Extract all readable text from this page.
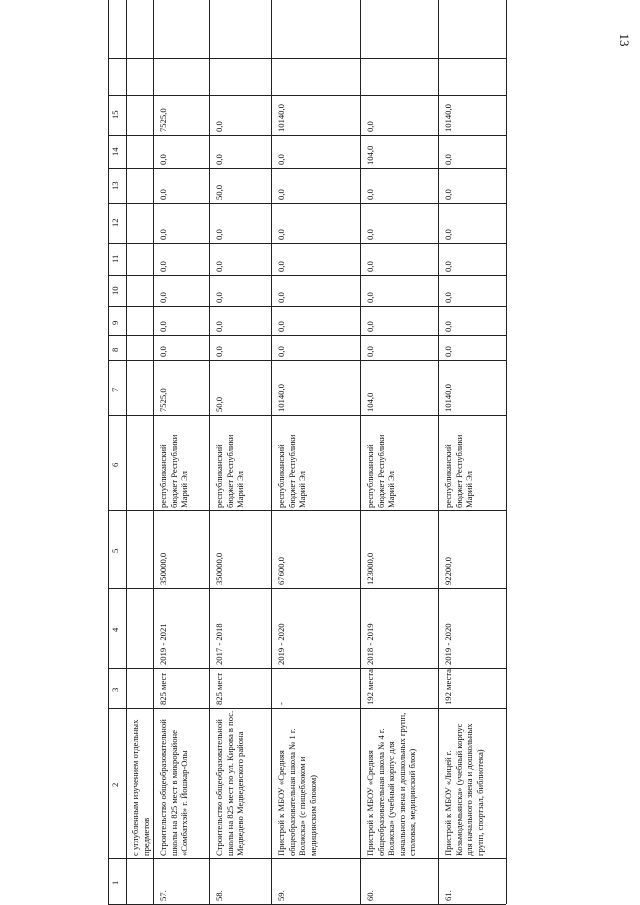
13
1
2
3
4
5
6
7
8
9
10
11
12
13
14
15
с углубленным изучением отдельных предметов
57.
Строительство общеобразовательной школы на 825 мест в микрорайоне «Сомбатхэй» г. Йошкар-Олы
825 мест
2019 - 2021
350000,0
республиканский бюджет Республики Марий Эл
7525,0
0,0
0,0
0,0
0,0
0,0
0,0
0,0
7525,0
58.
Строительство общеобразовательной школы на 825 мест по ул. Кирова в пос. Медведево Медведевского района
825 мест
2017 - 2018
350000,0
республиканский бюджет Республики Марий Эл
50,0
0,0
0,0
0,0
0,0
0,0
50,0
0,0
0,0
59.
Пристрой к МБОУ «Средняя общеобразовательная школа № 1 г. Волжска» (с пищеблоком и медицинским блоком)
-
2019 - 2020
67600,0
республиканский бюджет Республики Марий Эл
10140,0
0,0
0,0
0,0
0,0
0,0
0,0
0,0
10140,0
60.
Пристрой к МБОУ «Средняя общеобразовательная школа № 4 г. Волжска» (учебный корпус для начального звена и дошкольных групп, столовая, медицинский блок)
192 места
2018 - 2019
123000,0
республиканский бюджет Республики Марий Эл
104,0
0,0
0,0
0,0
0,0
0,0
0,0
104,0
0,0
61.
Пристрой к МБОУ «Лицей г. Козьмодемьянска» (учебный корпус для начального звена и дошкольных групп, спортзал, библиотека)
192 места
2019 - 2020
92200,0
республиканский бюджет Республики Марий Эл
10140,0
0,0
0,0
0,0
0,0
0,0
0,0
0,0
10140,0
